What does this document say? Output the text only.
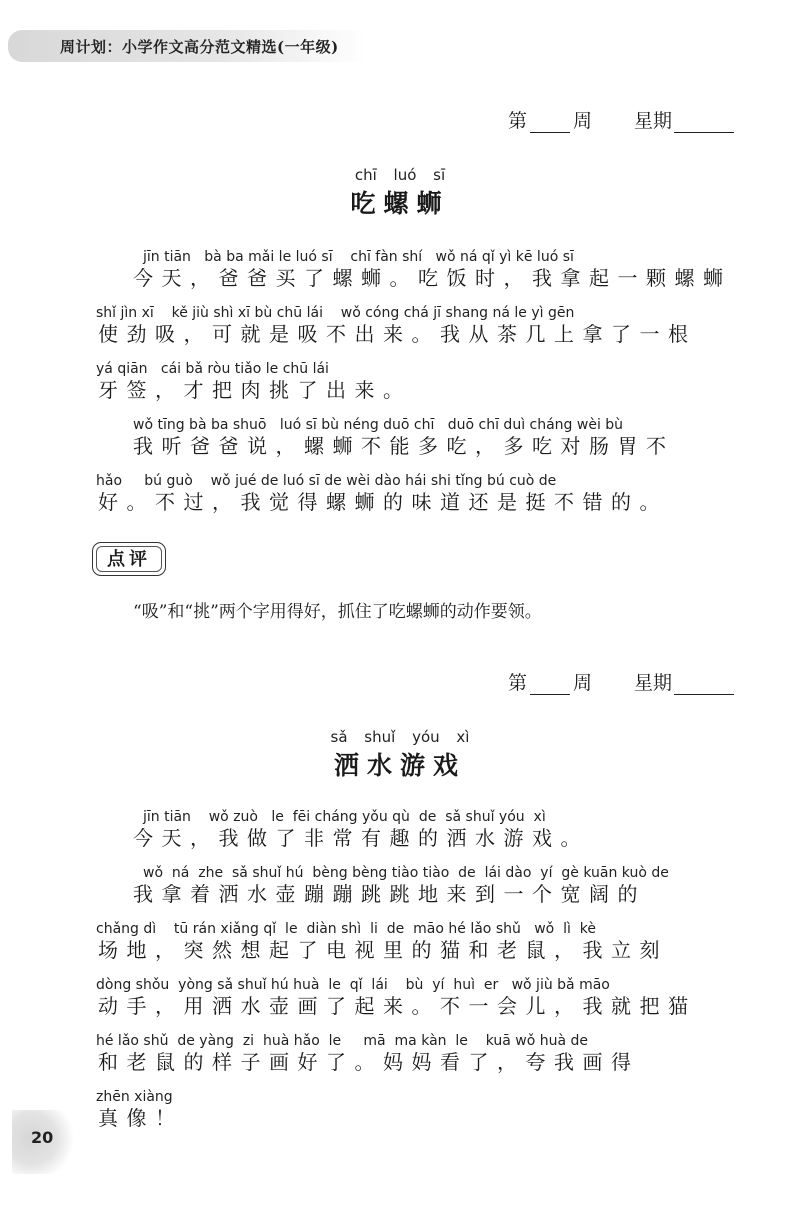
周计划：小学作文高分范文精选(一年级)
第 周 星期
chī luó sī
吃螺蛳
jīn tiān   bà ba mǎi le luó sī    chī fàn shí   wǒ ná qǐ yì kē luó sī
今天，爸爸买了螺蛳。吃饭时，我拿起一颗螺蛳
shǐ jìn xī    kě jiù shì xī bù chū lái    wǒ cóng chá jī shang ná le yì gēn
使劲吸，可就是吸不出来。我从茶几上拿了一根
yá qiān   cái bǎ ròu tiǎo le chū lái
牙签，才把肉挑了出来。
wǒ tīng bà ba shuō   luó sī bù néng duō chī   duō chī duì cháng wèi bù
我听爸爸说，螺蛳不能多吃，多吃对肠胃不
hǎo     bú guò    wǒ jué de luó sī de wèi dào hái shi tǐng bú cuò de
好。不过，我觉得螺蛳的味道还是挺不错的。
点评
“吸”和“挑”两个字用得好，抓住了吃螺蛳的动作要领。
第 周 星期
sǎ shuǐ yóu xì
洒水游戏
jīn tiān    wǒ zuò   le  fēi cháng yǒu qù  de  sǎ shuǐ yóu  xì
今天，我做了非常有趣的洒水游戏。
wǒ  ná  zhe  sǎ shuǐ hú  bèng bèng tiào tiào  de  lái dào  yí  gè kuān kuò de
我拿着洒水壶蹦蹦跳跳地来到一个宽阔的
chǎng dì    tū rán xiǎng qǐ  le  diàn shì  li  de  māo hé lǎo shǔ   wǒ  lì  kè
场地，突然想起了电视里的猫和老鼠，我立刻
dòng shǒu  yòng sǎ shuǐ hú huà  le  qǐ  lái    bù  yí  huì  er   wǒ jiù bǎ māo
动手，用洒水壶画了起来。不一会儿，我就把猫
hé lǎo shǔ  de yàng  zi  huà hǎo  le     mā  ma kàn  le    kuā wǒ huà de
和老鼠的样子画好了。妈妈看了，夸我画得
zhēn xiàng
真像！
20
